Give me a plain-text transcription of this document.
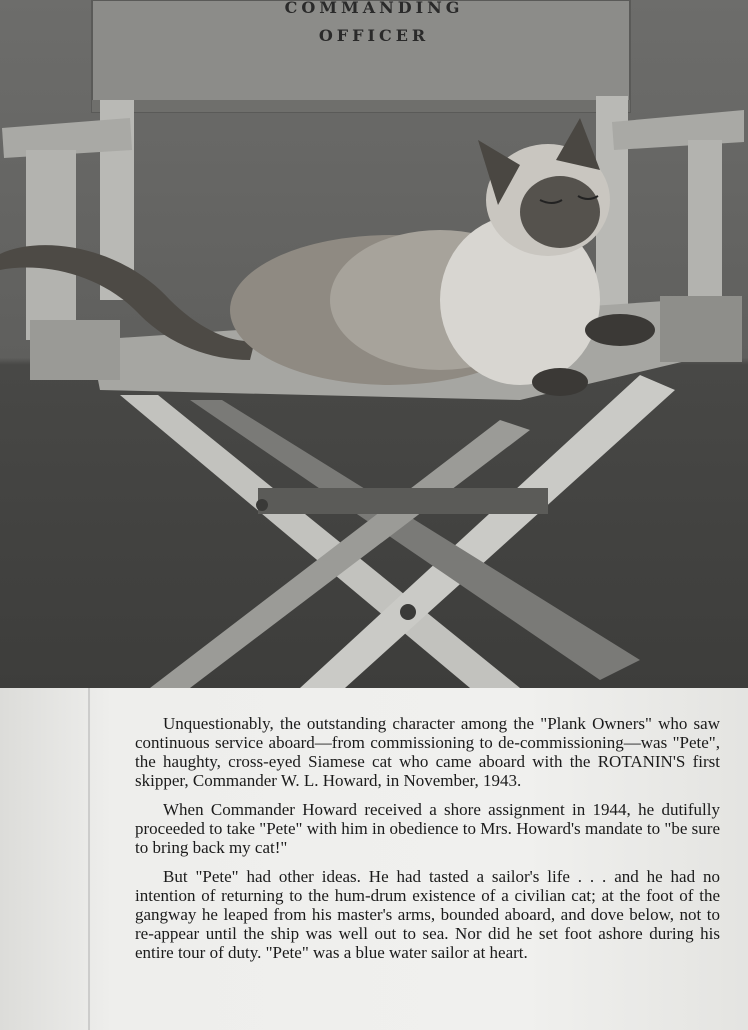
COMMANDING
OFFICER

Unquestionably, the outstanding character among the "Plank Owners" who saw continuous service aboard—from commissioning to de-commissioning—was "Pete", the haughty, cross-eyed Siamese cat who came aboard with the ROTANIN'S first skipper, Commander W. L. Howard, in November, 1943.

When Commander Howard received a shore assignment in 1944, he dutifully proceeded to take "Pete" with him in obedience to Mrs. Howard's mandate to "be sure to bring back my cat!"

But "Pete" had other ideas. He had tasted a sailor's life . . . and he had no intention of returning to the hum-drum existence of a civilian cat; at the foot of the gangway he leaped from his master's arms, bounded aboard, and dove below, not to re-appear until the ship was well out to sea. Nor did he set foot ashore during his entire tour of duty. "Pete" was a blue water sailor at heart.
